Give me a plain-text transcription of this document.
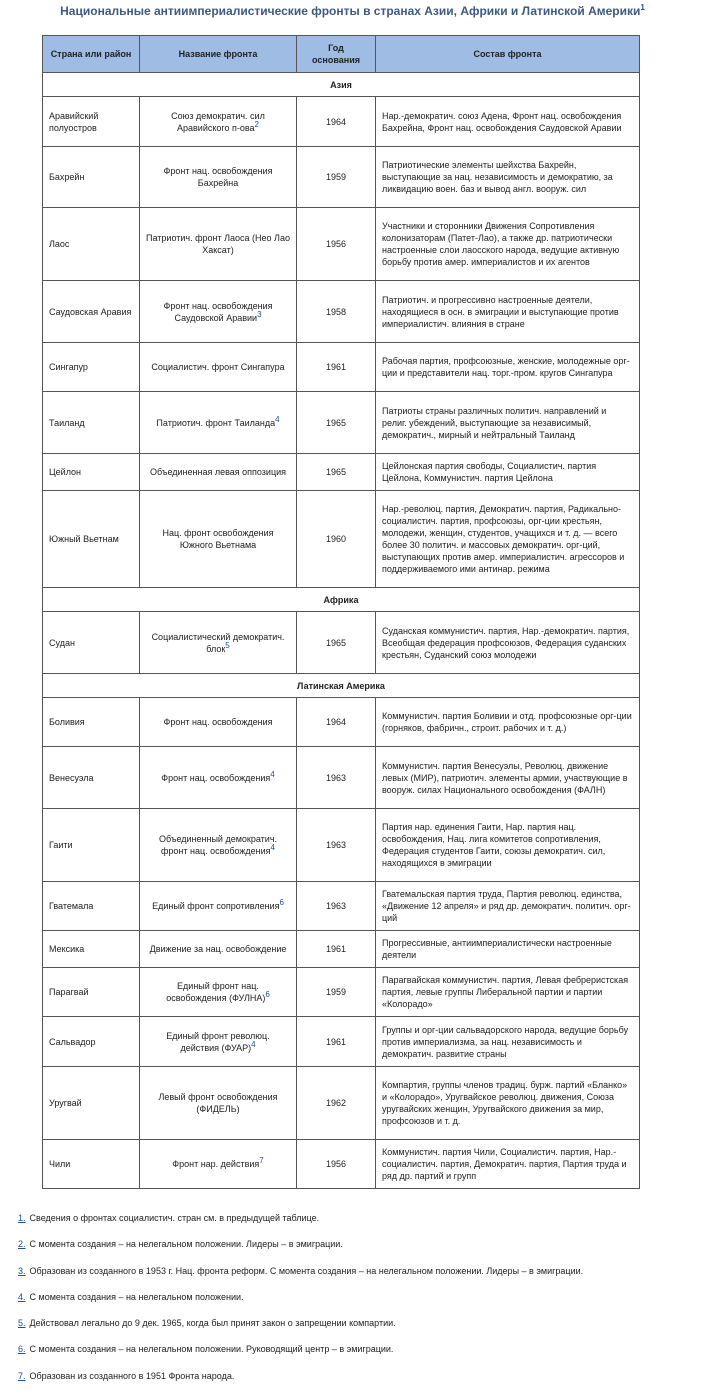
Национальные антиимпериалистические фронты в странах Азии, Африки и Латинской Америки$^1$
Страна или район	Название фронта	Год основания	Состав фронта
Азия			
Аравийский полуостров	Союз демократич. сил Аравийского п-ова$^2$	1964	Нар.-демократич. союз Адена, Фронт нац. освобождения Бахрейна, Фронт нац. освобождения Саудовской Аравии
Бахрейн	Фронт нац. освобождения Бахрейна	1959	Патриотические элементы шейхства Бахрейн, выступающие за нац. независимость и демократию, за ликвидацию воен. баз и вывод англ. вооруж. сил
Лаос	Патриотич. фронт Лаоса (Нео Лао Хаксат)	1956	Участники и сторонники Движения Сопротивления колонизаторам (Патет-Лао), а также др. патриотически настроенные слои лаосского народа, ведущие активную борьбу против амер. империалистов и их агентов
Саудовская Аравия	Фронт нац. освобождения Саудовской Аравии$^3$	1958	Патриотич. и прогрессивно настроенные деятели, находящиеся в осн. в эмиграции и выступающие против империалистич. влияния в стране
Сингапур	Социалистич. фронт Сингапура	1961	Рабочая партия, профсоюзные, женские, молодежные орг-ции и представители нац. торг.-пром. кругов Сингапура
Таиланд	Патриотич. фронт Таиланда$^4$	1965	Патриоты страны различных политич. направлений и религ. убеждений, выступающие за независимый, демократич., мирный и нейтральный Таиланд
Цейлон	Объединенная левая оппозиция	1965	Цейлонская партия свободы, Социалистич. партия Цейлона, Коммунистич. партия Цейлона
Южный Вьетнам	Нац. фронт освобождения Южного Вьетнама	1960	Нар.-революц. партия, Демократич. партия, Радикально-социалистич. партия, профсоюзы, орг-ции крестьян, молодежи, женщин, студентов, учащихся и т. д. — всего более 30 политич. и массовых демократич. орг-ций, выступающих против амер. империалистич. агрессоров и поддерживаемого ими антинар. режима
Африка			
Судан	Социалистический демократич. блок$^5$	1965	Суданская коммунистич. партия, Нар.-демократич. партия, Всеобщая федерация профсоюзов, Федерация суданских крестьян, Суданский союз молодежи
Латинская Америка			
Боливия	Фронт нац. освобождения	1964	Коммунистич. партия Боливии и отд. профсоюзные орг-ции (горняков, фабричн., строит. рабочих и т. д.)
Венесуэла	Фронт нац. освобождения$^4$	1963	Коммунистич. партия Венесуэлы, Революц. движение левых (МИР), патриотич. элементы армии, участвующие в вооруж. силах Национального освобождения (ФАЛН)
Гаити	Объединенный демократич. фронт нац. освобождения$^4$	1963	Партия нар. единения Гаити, Нар. партия нац. освобождения, Нац. лига комитетов сопротивления, Федерация студентов Гаити, союзы демократич. сил, находящихся в эмиграции
Гватемала	Единый фронт сопротивления$^6$	1963	Гватемальская партия труда, Партия революц. единства, «Движение 12 апреля» и ряд др. демократич. политич. орг-ций
Мексика	Движение за нац. освобождение	1961	Прогрессивные, антиимпериалистически настроенные деятели
Парагвай	Единый фронт нац. освобождения (ФУЛНА)$^6$	1959	Парагвайская коммунистич. партия, Левая фебреристская партия, левые группы Либеральной партии и партии «Колорадо»
Сальвадор	Единый фронт революц. действия (ФУАР)$^4$	1961	Группы и орг-ции сальвадорского народа, ведущие борьбу против империализма, за нац. независимость и демократич. развитие страны
Уругвай	Левый фронт освобождения (ФИДЕЛЬ)	1962	Компартия, группы членов традиц. бурж. партий «Бланко» и «Колорадо», Уругвайское революц. движения, Союза уругвайских женщин, Уругвайского движения за мир, профсоюзов и т. д.
Чили	Фронт нар. действия$^7$	1956	Коммунистич. партия Чили, Социалистич. партия, Нар.-социалистич. партия, Демократич. партия, Партия труда и ряд др. партий и групп
1. Сведения о фронтах социалистич. стран см. в предыдущей таблице.
2. С момента создания – на нелегальном положении. Лидеры – в эмиграции.
3. Образован из созданного в 1953 г. Нац. фронта реформ. С момента создания – на нелегальном положении. Лидеры – в эмиграции.
4. С момента создания – на нелегальном положении.
5. Действовал легально до 9 дек. 1965, когда был принят закон о запрещении компартии.
6. С момента создания – на нелегальном положении. Руководящий центр – в эмиграции.
7. Образован из созданного в 1951 Фронта народа.
